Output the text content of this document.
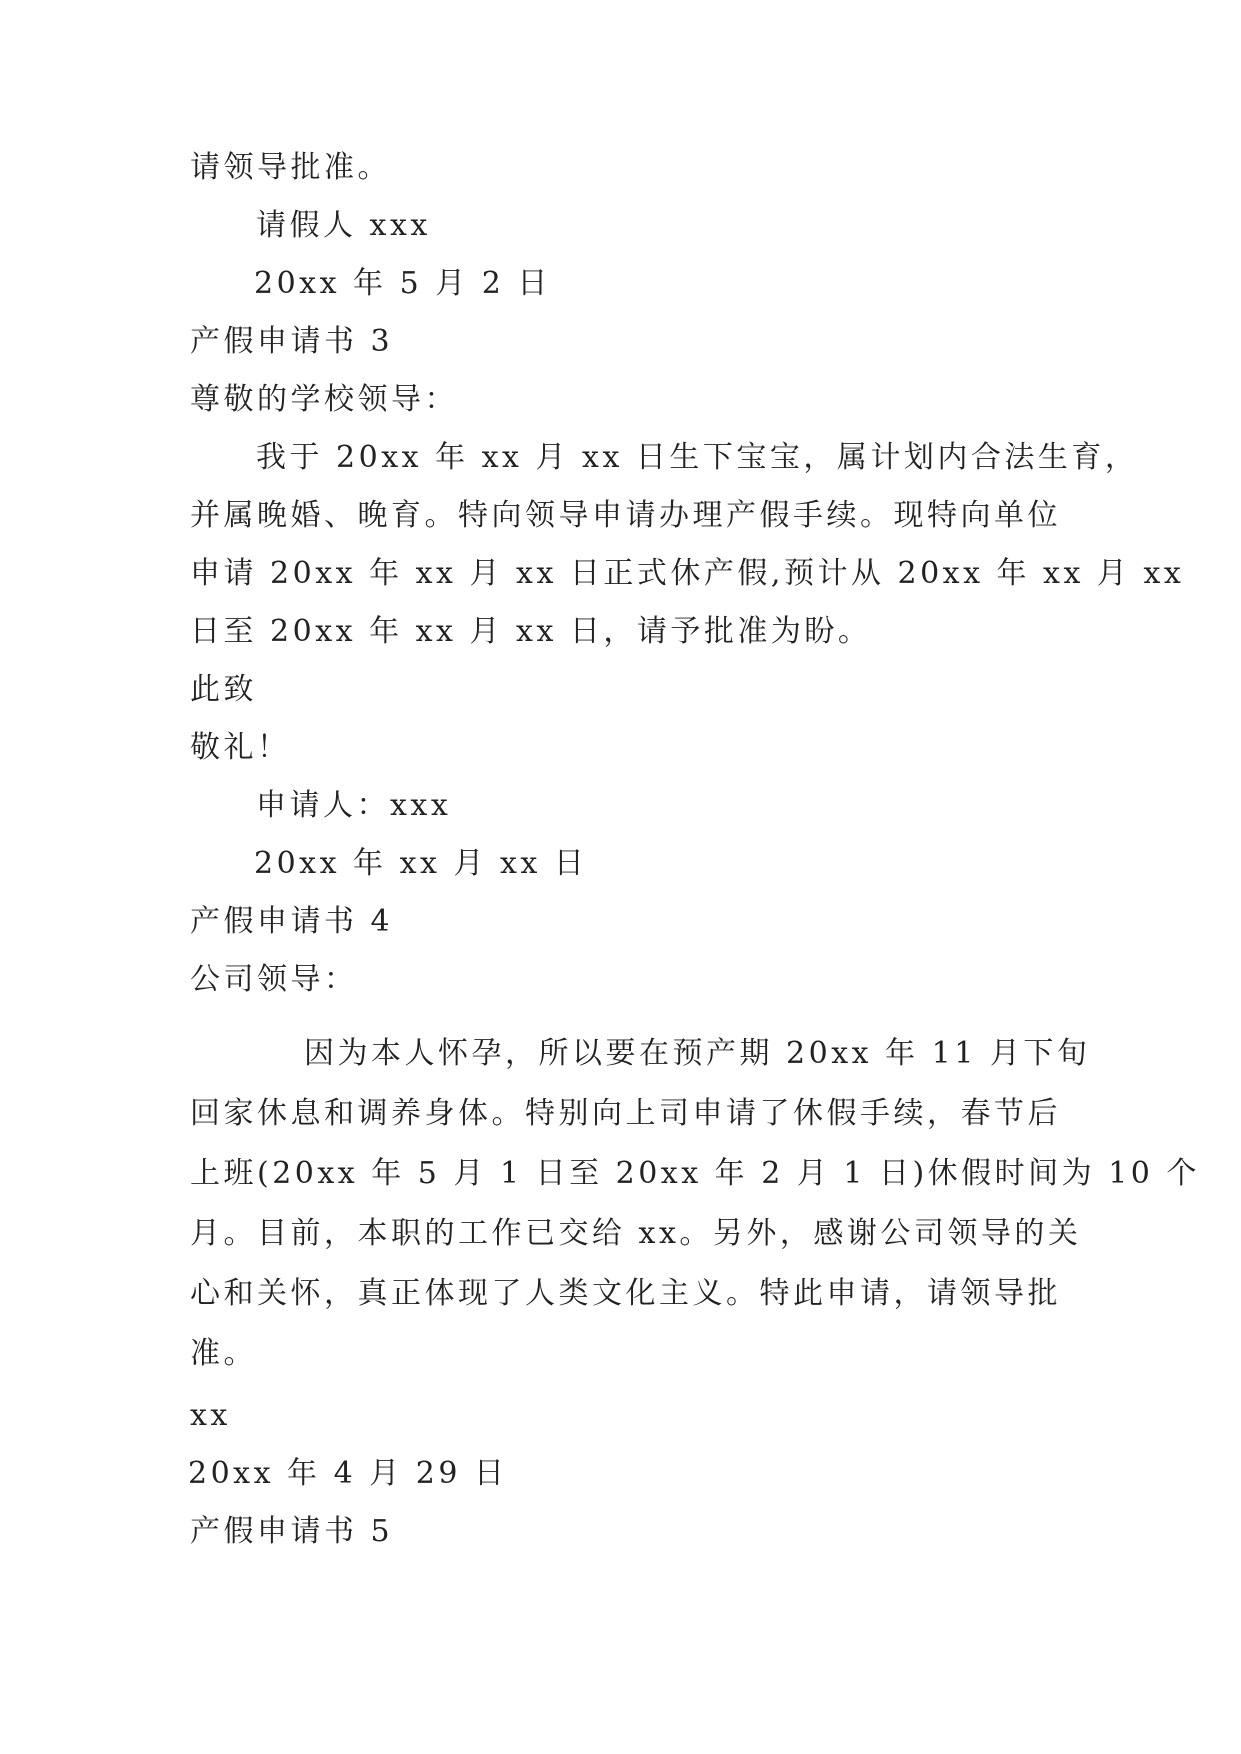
请领导批准。
请假人 xxx
20xx 年 5 月 2 日
产假申请书 3
尊敬的学校领导：
我于 20xx 年 xx 月 xx 日生下宝宝，属计划内合法生育，
并属晚婚、晚育。特向领导申请办理产假手续。现特向单位
申请 20xx 年 xx 月 xx 日正式休产假,预计从 20xx 年 xx 月 xx
日至 20xx 年 xx 月 xx 日，请予批准为盼。
此致
敬礼！
申请人：xxx
20xx 年 xx 月 xx 日
产假申请书 4
公司领导：
因为本人怀孕，所以要在预产期 20xx 年 11 月下旬
回家休息和调养身体。特别向上司申请了休假手续，春节后
上班(20xx 年 5 月 1 日至 20xx 年 2 月 1 日)休假时间为 10 个
月。目前，本职的工作已交给 xx。另外，感谢公司领导的关
心和关怀，真正体现了人类文化主义。特此申请，请领导批
准。
xx
20xx 年 4 月 29 日
产假申请书 5
